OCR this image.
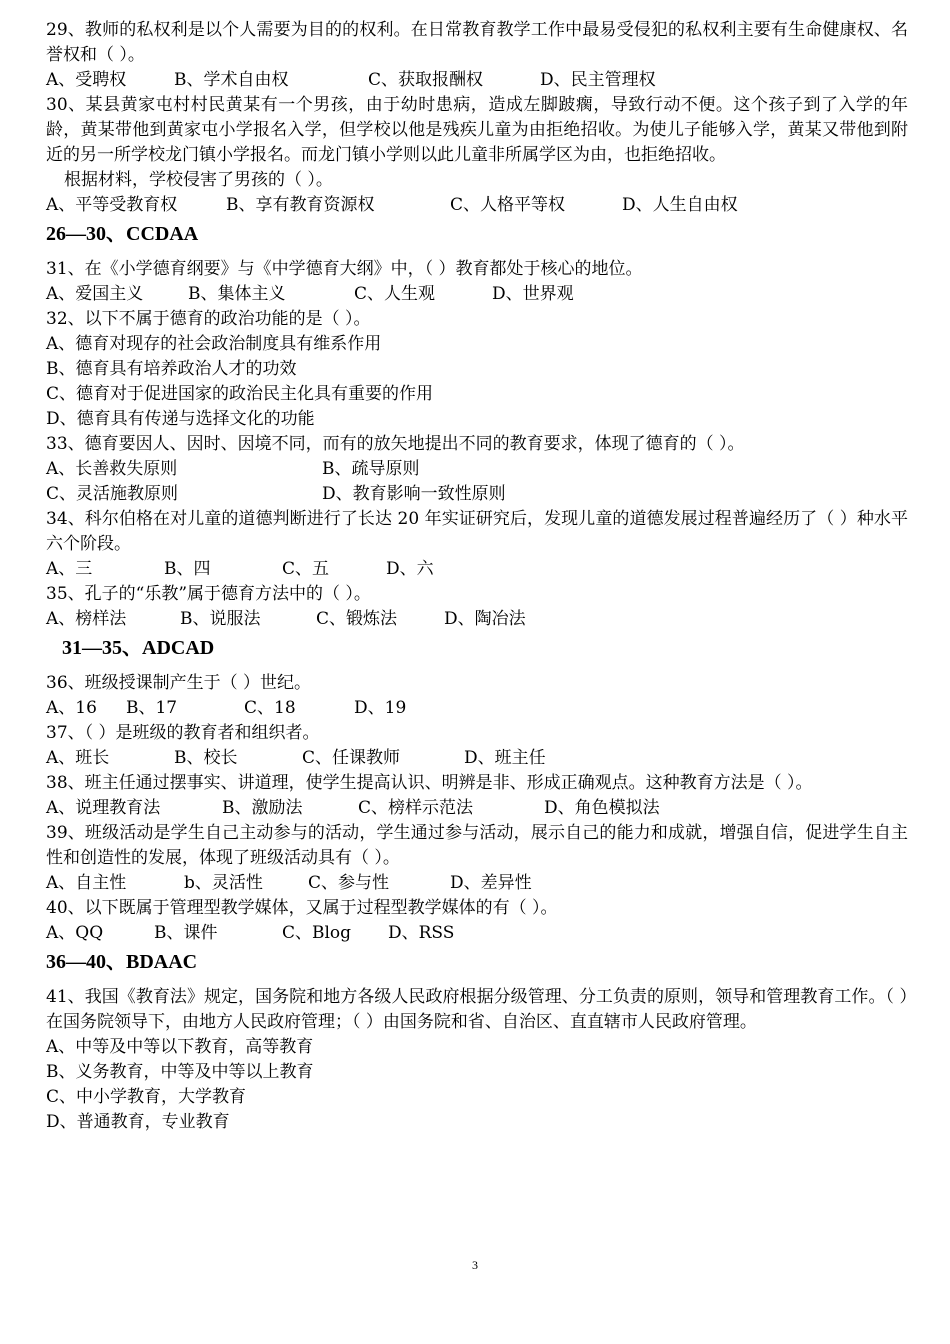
29、教师的私权利是以个人需要为目的的权利。在日常教育教学工作中最易受侵犯的私权利主要有生命健康权、名誉权和（ ）。
A、受聘权	B、学术自由权	C、获取报酬权	D、民主管理权
30、某县黄家屯村村民黄某有一个男孩，由于幼时患病，造成左脚跛瘸，导致行动不便。这个孩子到了入学的年龄，黄某带他到黄家屯小学报名入学，但学校以他是残疾儿童为由拒绝招收。为使儿子能够入学，黄某又带他到附近的另一所学校龙门镇小学报名。而龙门镇小学则以此儿童非所属学区为由，也拒绝招收。
根据材料，学校侵害了男孩的（ ）。
A、平等受教育权	B、享有教育资源权	C、人格平等权	D、人生自由权
26—30、CCDAA
31、在《小学德育纲要》与《中学德育大纲》中，（ ）教育都处于核心的地位。
A、爱国主义	B、集体主义	C、人生观	D、世界观
32、以下不属于德育的政治功能的是（ ）。
A、德育对现存的社会政治制度具有维系作用
B、德育具有培养政治人才的功效
C、德育对于促进国家的政治民主化具有重要的作用
D、德育具有传递与选择文化的功能
33、德育要因人、因时、因境不同，而有的放矢地提出不同的教育要求，体现了德育的（ ）。
A、长善救失原则	B、疏导原则
C、灵活施教原则	D、教育影响一致性原则
34、科尔伯格在对儿童的道德判断进行了长达 20 年实证研究后，发现儿童的道德发展过程普遍经历了（ ）种水平六个阶段。
A、三	B、四	C、五	D、六
35、孔子的“乐教”属于德育方法中的（ ）。
A、榜样法	B、说服法	C、锻炼法	D、陶冶法
31—35、ADCAD
36、班级授课制产生于（ ）世纪。
A、16	B、17	C、18	D、19
37、（ ）是班级的教育者和组织者。
A、班长	B、校长	C、任课教师	D、班主任
38、班主任通过摆事实、讲道理，使学生提高认识、明辨是非、形成正确观点。这种教育方法是（ ）。
A、说理教育法	B、激励法	C、榜样示范法	D、角色模拟法
39、班级活动是学生自己主动参与的活动，学生通过参与活动，展示自己的能力和成就，增强自信，促进学生自主性和创造性的发展，体现了班级活动具有（ ）。
A、自主性	b、灵活性	C、参与性	D、差异性
40、以下既属于管理型教学媒体，又属于过程型教学媒体的有（ ）。
A、QQ	B、课件	C、Blog	D、RSS
36—40、BDAAC
41、我国《教育法》规定，国务院和地方各级人民政府根据分级管理、分工负责的原则，领导和管理教育工作。（ ）在国务院领导下，由地方人民政府管理；（ ）由国务院和省、自治区、直直辖市人民政府管理。
A、中等及中等以下教育，高等教育
B、义务教育，中等及中等以上教育
C、中小学教育，大学教育
D、普通教育，专业教育
3
